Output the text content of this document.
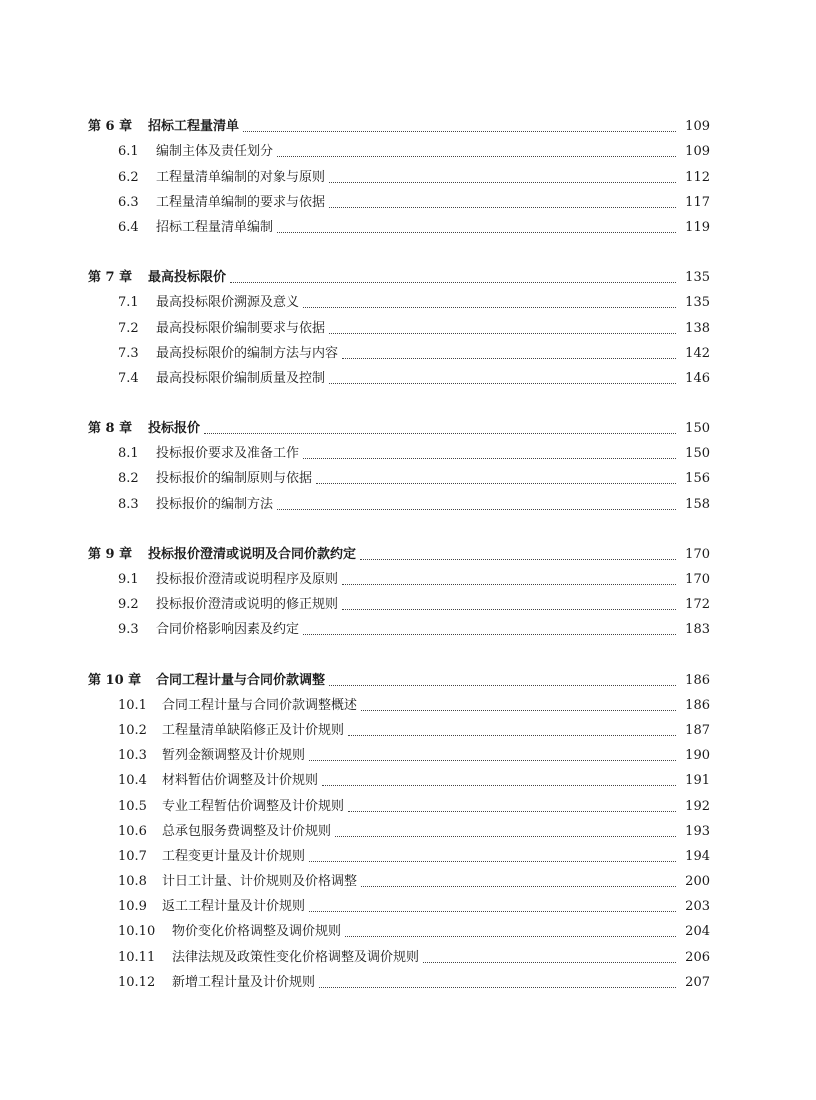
第 6 章	招标工程量清单	109
6.1	编制主体及责任划分	109
6.2	工程量清单编制的对象与原则	112
6.3	工程量清单编制的要求与依据	117
6.4	招标工程量清单编制	119
第 7 章	最高投标限价	135
7.1	最高投标限价溯源及意义	135
7.2	最高投标限价编制要求与依据	138
7.3	最高投标限价的编制方法与内容	142
7.4	最高投标限价编制质量及控制	146
第 8 章	投标报价	150
8.1	投标报价要求及准备工作	150
8.2	投标报价的编制原则与依据	156
8.3	投标报价的编制方法	158
第 9 章	投标报价澄清或说明及合同价款约定	170
9.1	投标报价澄清或说明程序及原则	170
9.2	投标报价澄清或说明的修正规则	172
9.3	合同价格影响因素及约定	183
第 10 章	合同工程计量与合同价款调整	186
10.1	合同工程计量与合同价款调整概述	186
10.2	工程量清单缺陷修正及计价规则	187
10.3	暂列金额调整及计价规则	190
10.4	材料暂估价调整及计价规则	191
10.5	专业工程暂估价调整及计价规则	192
10.6	总承包服务费调整及计价规则	193
10.7	工程变更计量及计价规则	194
10.8	计日工计量、计价规则及价格调整	200
10.9	返工工程计量及计价规则	203
10.10	物价变化价格调整及调价规则	204
10.11	法律法规及政策性变化价格调整及调价规则	206
10.12	新增工程计量及计价规则	207
